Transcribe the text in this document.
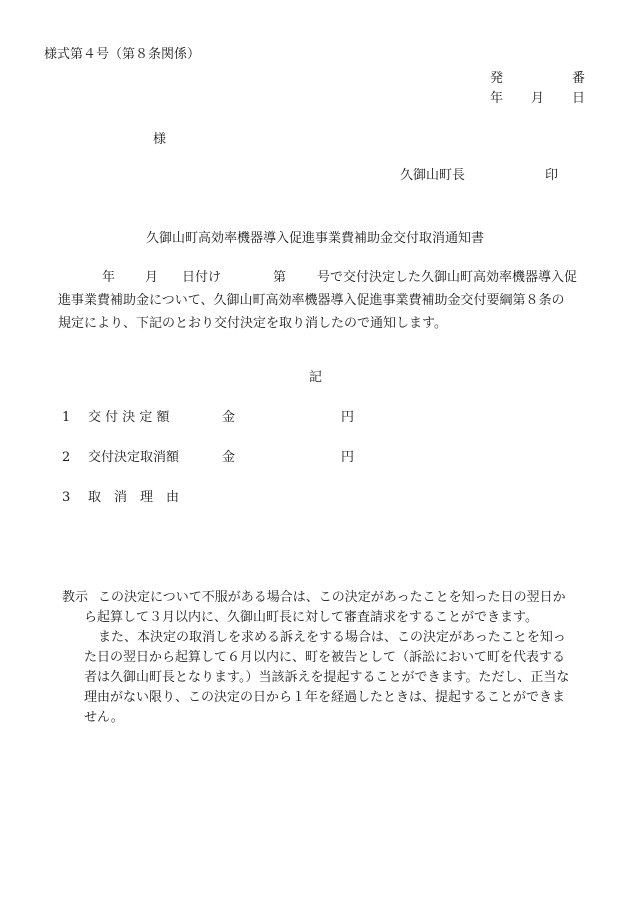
様式第４号（第８条関係）
発	番
年 月 日
様
久御山町長	印
久御山町高効率機器導入促進事業費補助金交付取消通知書
年 月 日付け	第 号で交付決定した久御山町高効率機器導入促
進事業費補助金について、久御山町高効率機器導入促進事業費補助金交付要綱第８条の
規定により、下記のとおり交付決定を取り消したので通知します。
記
1 交 付 決 定 額	金	円
2 交付決定取消額	金	円
3 取　消　理　由
教示 この決定について不服がある場合は、この決定があったことを知った日の翌日か
ら起算して３月以内に、久御山町長に対して審査請求をすることができます。
また、本決定の取消しを求める訴えをする場合は、この決定があったことを知っ
た日の翌日から起算して６月以内に、町を被告として（訴訟において町を代表する
者は久御山町長となります。）当該訴えを提起することができます。ただし、正当な
理由がない限り、この決定の日から１年を経過したときは、提起することができま
せん。
